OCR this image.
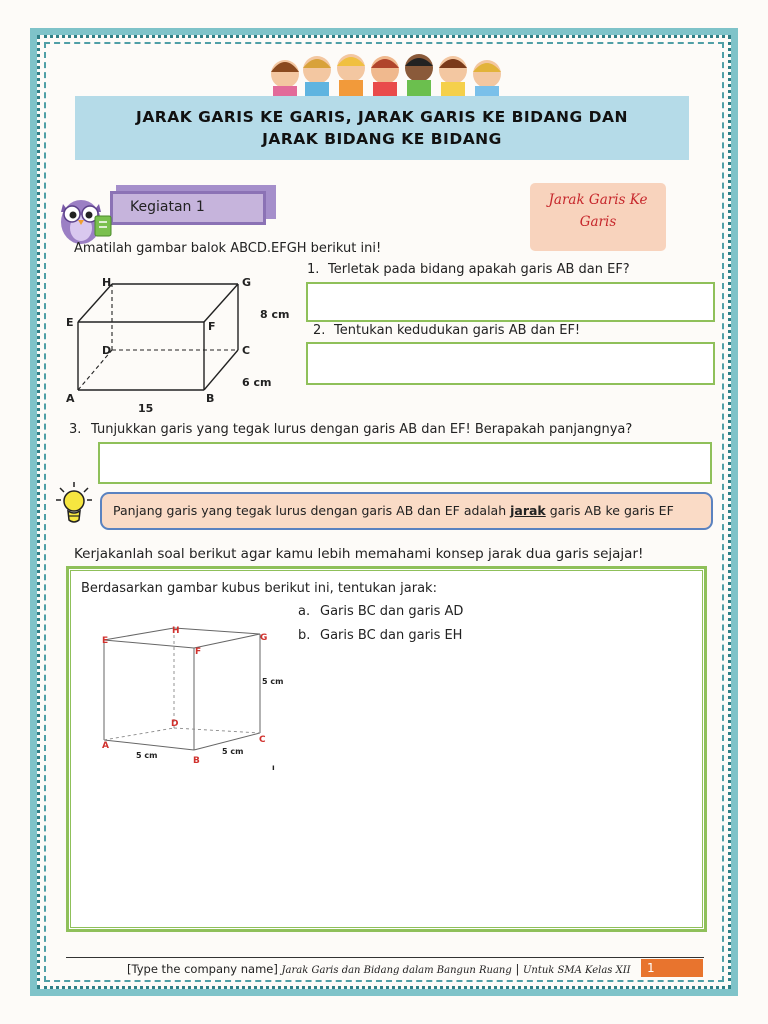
JARAK GARIS KE GARIS, JARAK GARIS KE BIDANG DAN
JARAK BIDANG KE BIDANG
Kegiatan 1	Jarak Garis Ke
Garis
Amatilah gambar balok ABCD.EFGH berikut ini!
A	B
C
D
E	F
G
H
8 cm
6 cm
15
1. Terletak pada bidang apakah garis AB dan EF?
2. Tentukan kedudukan garis AB dan EF!
3. Tunjukkan garis yang tegak lurus dengan garis AB dan EF! Berapakah panjangnya?
Panjang garis yang tegak lurus dengan garis AB dan EF adalah jarak garis AB ke garis EF
Kerjakanlah soal berikut agar kamu lebih memahami konsep jarak dua garis sejajar!
Berdasarkan gambar kubus berikut ini, tentukan jarak:
a. Garis BC dan garis AD
b. Garis BC dan garis EH
A
B
C
D
E
F
G
H
5 cm
5 cm	5 cm
ı
[Type the company name] Jarak Garis dan Bidang dalam Bangun Ruang | Untuk SMA Kelas XII	1
